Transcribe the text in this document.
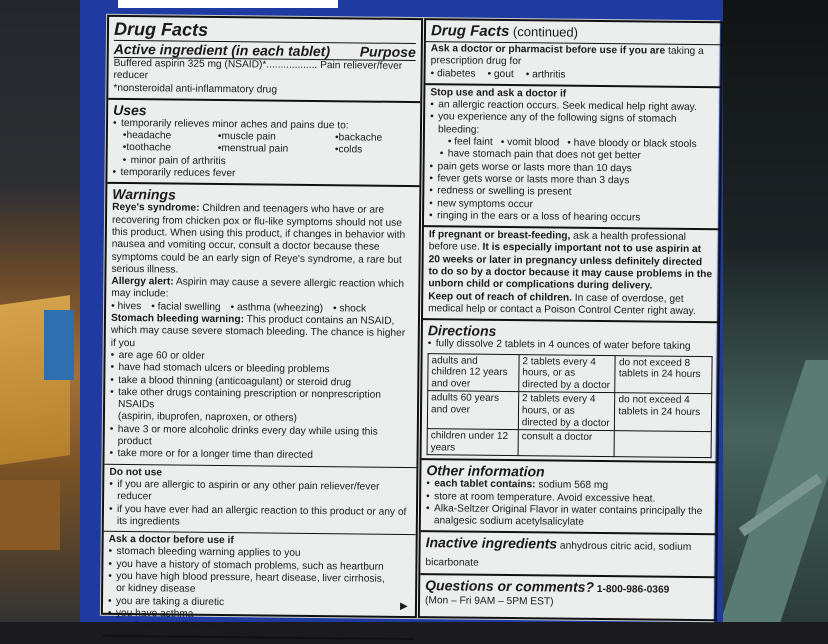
Drug Facts
Active ingredient (in each tablet) Purpose
Buffered aspirin 325 mg (NSAID)*.................. Pain reliever/fever reducer
*nonsteroidal anti-inflammatory drug
Uses
• temporarily relieves minor aches and pains due to:
• headache	• muscle pain	• backache
• toothache	• menstrual pain	• colds
• minor pain of arthritis
• temporarily reduces fever
Warnings
Reye's syndrome: Children and teenagers who have or are recovering from chicken pox or flu-like symptoms should not use this product. When using this product, if changes in behavior with nausea and vomiting occur, consult a doctor because these symptoms could be an early sign of Reye's syndrome, a rare but serious illness.
Allergy alert: Aspirin may cause a severe allergic reaction which may include:
• hives • facial swelling • asthma (wheezing) • shock
Stomach bleeding warning: This product contains an NSAID, which may cause severe stomach bleeding. The chance is higher if you
• are age 60 or older
• have had stomach ulcers or bleeding problems
• take a blood thinning (anticoagulant) or steroid drug
• take other drugs containing prescription or nonprescription NSAIDs
(aspirin, ibuprofen, naproxen, or others)
• have 3 or more alcoholic drinks every day while using this product
• take more or for a longer time than directed
Do not use
• if you are allergic to aspirin or any other pain reliever/fever reducer
• if you have ever had an allergic reaction to this product or any of
its ingredients
Ask a doctor before use if
• stomach bleeding warning applies to you
• you have a history of stomach problems, such as heartburn
• you have high blood pressure, heart disease, liver cirrhosis,
or kidney disease
• you are taking a diuretic
• you have asthma
• you have a sodium-restricted diet
▶
Drug Facts (continued)
Ask a doctor or pharmacist before use if you are taking a prescription drug for
• diabetes • gout • arthritis
Stop use and ask a doctor if
• an allergic reaction occurs. Seek medical help right away.
• you experience any of the following signs of stomach bleeding:
• feel faint • vomit blood • have bloody or black stools
• have stomach pain that does not get better
• pain gets worse or lasts more than 10 days
• fever gets worse or lasts more than 3 days
• redness or swelling is present
• new symptoms occur
• ringing in the ears or a loss of hearing occurs
If pregnant or breast-feeding, ask a health professional before use. It is especially important not to use aspirin at 20 weeks or later in pregnancy unless definitely directed to do so by a doctor because it may cause problems in the unborn child or complications during delivery.
Keep out of reach of children. In case of overdose, get medical help or contact a Poison Control Center right away.
Directions
• fully dissolve 2 tablets in 4 ounces of water before taking
adults and children 12 years and over	2 tablets every 4 hours, or as directed by a doctor	do not exceed 8 tablets in 24 hours
adults 60 years and over	2 tablets every 4 hours, or as directed by a doctor	do not exceed 4 tablets in 24 hours
children under 12 years	consult a doctor	
Other information
• each tablet contains: sodium 568 mg
• store at room temperature. Avoid excessive heat.
• Alka-Seltzer Original Flavor in water contains principally the analgesic sodium acetylsalicylate
Inactive ingredients anhydrous citric acid, sodium bicarbonate
Questions or comments? 1-800-986-0369
(Mon – Fri 9AM – 5PM EST)
